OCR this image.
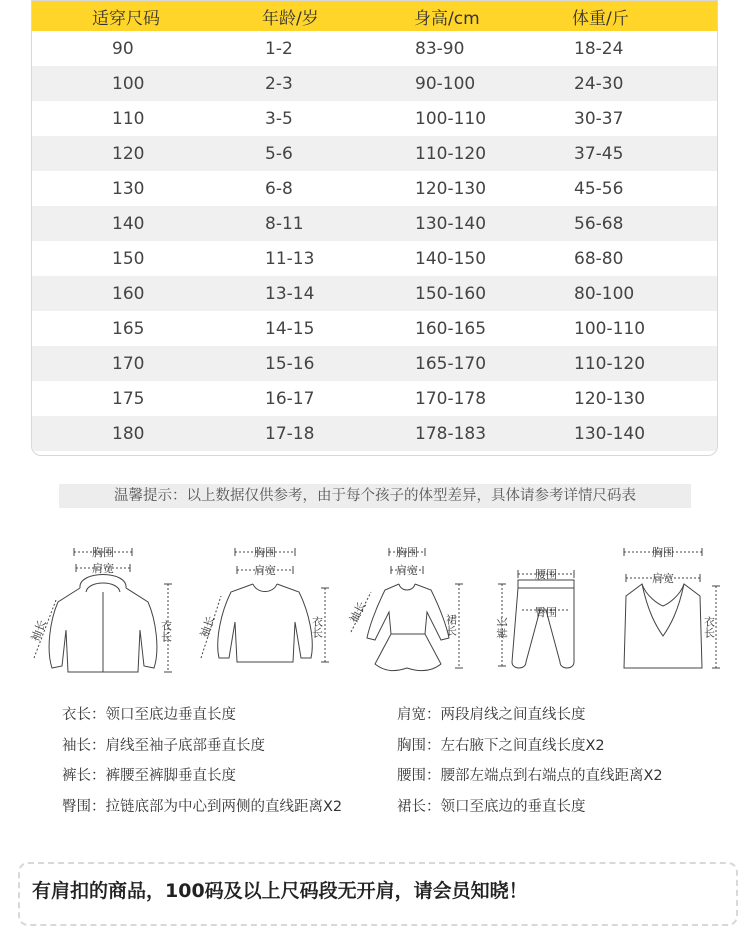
适穿尺码	年龄/岁	身高/cm	体重/斤
90	1-2	83-90	18-24
100	2-3	90-100	24-30
110	3-5	100-110	30-37
120	5-6	110-120	37-45
130	6-8	120-130	45-56
140	8-11	130-140	56-68
150	11-13	140-150	68-80
160	13-14	150-160	80-100
165	14-15	160-165	100-110
170	15-16	165-170	110-120
175	16-17	170-178	120-130
180	17-18	178-183	130-140
温馨提示：以上数据仅供参考，由于每个孩子的体型差异，具体请参考详情尺码表
胸围
肩宽
袖长	衣长
胸围
肩宽
袖长	衣长
胸围
肩宽
袖长	裙长
腰围
臀围
裤长
胸围
肩宽
衣长
衣长：领口至底边垂直长度
袖长：肩线至袖子底部垂直长度
裤长：裤腰至裤脚垂直长度
臀围：拉链底部为中心到两侧的直线距离X2
肩宽：两段肩线之间直线长度
胸围：左右腋下之间直线长度X2
腰围：腰部左端点到右端点的直线距离X2
裙长：领口至底边的垂直长度
有肩扣的商品，100码及以上尺码段无开肩，请会员知晓！
